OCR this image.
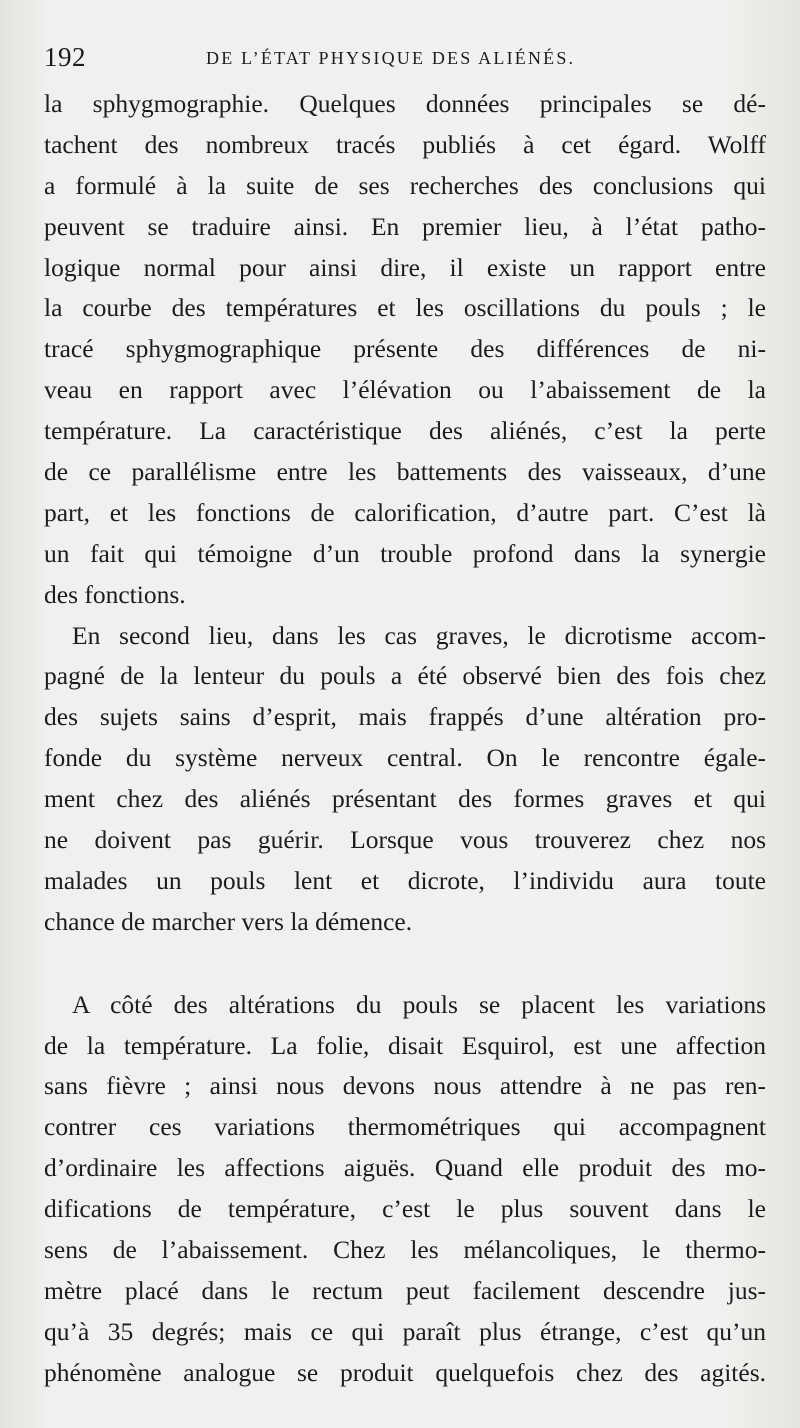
192	DE L’ÉTAT PHYSIQUE DES ALIÉNÉS.
la sphygmographie. Quelques données principales se dé-
tachent des nombreux tracés publiés à cet égard. Wolff
a formulé à la suite de ses recherches des conclusions qui
peuvent se traduire ainsi. En premier lieu, à l’état patho-
logique normal pour ainsi dire, il existe un rapport entre
la courbe des températures et les oscillations du pouls ; le
tracé sphygmographique présente des différences de ni-
veau en rapport avec l’élévation ou l’abaissement de la
température. La caractéristique des aliénés, c’est la perte
de ce parallélisme entre les battements des vaisseaux, d’une
part, et les fonctions de calorification, d’autre part. C’est là
un fait qui témoigne d’un trouble profond dans la synergie
des fonctions.
En second lieu, dans les cas graves, le dicrotisme accom-
pagné de la lenteur du pouls a été observé bien des fois chez
des sujets sains d’esprit, mais frappés d’une altération pro-
fonde du système nerveux central. On le rencontre égale-
ment chez des aliénés présentant des formes graves et qui
ne doivent pas guérir. Lorsque vous trouverez chez nos
malades un pouls lent et dicrote, l’individu aura toute
chance de marcher vers la démence.
A côté des altérations du pouls se placent les variations
de la température. La folie, disait Esquirol, est une affection
sans fièvre ; ainsi nous devons nous attendre à ne pas ren-
contrer ces variations thermométriques qui accompagnent
d’ordinaire les affections aiguës. Quand elle produit des mo-
difications de température, c’est le plus souvent dans le
sens de l’abaissement. Chez les mélancoliques, le thermo-
mètre placé dans le rectum peut facilement descendre jus-
qu’à 35 degrés; mais ce qui paraît plus étrange, c’est qu’un
phénomène analogue se produit quelquefois chez des agités.
